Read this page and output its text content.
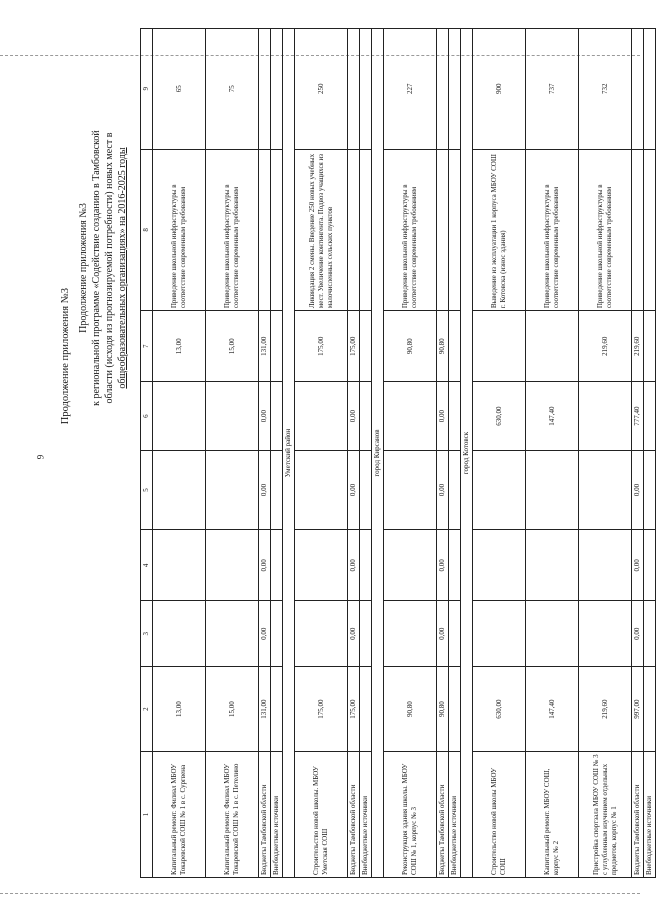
9
Продолжение приложения №3
Продолжение приложения №3 к региональной программе «Содействие созданию в Тамбовской области (исходя из прогнозируемой потребности) новых мест в общеобразовательных организациях» на 2016-2025 годы
1	2	3	4	5	6	7	8	9
Капитальный ремонт. Филиал МБОУ Токаревской СОШ № 1 в с. Сургвена	13,00					13,00	Приведение школьной инфраструктуры в соответствие современным требованиям	65
Капитальный ремонт. Филиал МБОУ Токаревской СОШ № 1 в с. Петелино	15,00					15,00	Приведение школьной инфраструктуры в соответствие современным требованиям	75
Бюджеты Тамбовской области	131,00	0,00	0,00	0,00	0,00	131,00		
Внебюджетные источники								
Уметский район								
Строительство новой школы. МБОУ Уметская СОШ	175,00					175,00	Ликвидация 2 смены. Введение 250 новых учебных мест. Увеличение контингента. Подвоз учащихся из малочисленных сельских пунктов	250
Бюджеты Тамбовской области	175,00	0,00	0,00	0,00	0,00	175,00		
Внебюджетные источники								
город Кирсанов								
Реконструкция здания школы. МБОУ СОШ № 1, корпус № 3	90,80					90,80	Приведение школьной инфраструктуры в соответствие современным требованиям	227
Бюджеты Тамбовской области	90,80	0,00	0,00	0,00	0,00	90,80		
Внебюджетные источники								
город Котовск								
Строительство новой школы МБОУ СОШ	630,00				630,00		Выведение из эксплуатации 1 корпуса МБОУ СОШ г. Котовска (износ здания)	900
Капитальный ремонт. МБОУ СОШ, корпус № 2	147,40				147,40		Приведение школьной инфраструктуры в соответствие современным требованиям	737
Пристройка спортзала МБОУ СОШ № 3 с углубленным изучением отдельных предметов, корпус № 1	219,60					219,60	Приведение школьной инфраструктуры в соответствие современным требованиям	732
Бюджеты Тамбовской области	997,00	0,00	0,00	0,00	777,40	219,60		
Внебюджетные источники								
